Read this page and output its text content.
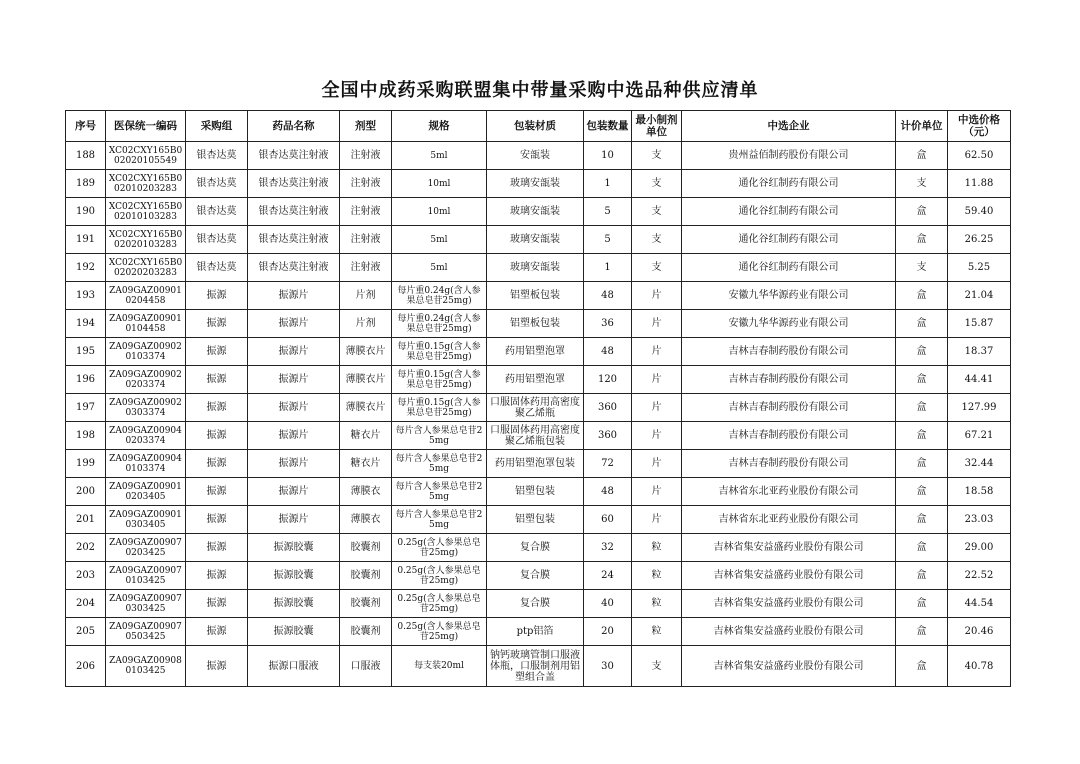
全国中成药采购联盟集中带量采购中选品种供应清单
序号	医保统一编码	采购组	药品名称	剂型	规格	包装材质	包装数量	最小制剂单位	中选企业	计价单位	中选价格（元）
188	XC02CXY165B002020105549	银杏达莫	银杏达莫注射液	注射液	5ml	安瓿装	10	支	贵州益佰制药股份有限公司	盒	62.50
189	XC02CXY165B002010203283	银杏达莫	银杏达莫注射液	注射液	10ml	玻璃安瓿装	1	支	通化谷红制药有限公司	支	11.88
190	XC02CXY165B002010103283	银杏达莫	银杏达莫注射液	注射液	10ml	玻璃安瓿装	5	支	通化谷红制药有限公司	盒	59.40
191	XC02CXY165B002020103283	银杏达莫	银杏达莫注射液	注射液	5ml	玻璃安瓿装	5	支	通化谷红制药有限公司	盒	26.25
192	XC02CXY165B002020203283	银杏达莫	银杏达莫注射液	注射液	5ml	玻璃安瓿装	1	支	通化谷红制药有限公司	支	5.25
193	ZA09GAZ009010204458	振源	振源片	片剂	每片重0.24g(含人参果总皂苷25mg)	铝塑板包装	48	片	安徽九华华源药业有限公司	盒	21.04
194	ZA09GAZ009010104458	振源	振源片	片剂	每片重0.24g(含人参果总皂苷25mg)	铝塑板包装	36	片	安徽九华华源药业有限公司	盒	15.87
195	ZA09GAZ009020103374	振源	振源片	薄膜衣片	每片重0.15g(含人参果总皂苷25mg)	药用铝塑泡罩	48	片	吉林吉春制药股份有限公司	盒	18.37
196	ZA09GAZ009020203374	振源	振源片	薄膜衣片	每片重0.15g(含人参果总皂苷25mg)	药用铝塑泡罩	120	片	吉林吉春制药股份有限公司	盒	44.41
197	ZA09GAZ009020303374	振源	振源片	薄膜衣片	每片重0.15g(含人参果总皂苷25mg)	口服固体药用高密度聚乙烯瓶	360	片	吉林吉春制药股份有限公司	盒	127.99
198	ZA09GAZ009040203374	振源	振源片	糖衣片	每片含人参果总皂苷25mg	口服固体药用高密度聚乙烯瓶包装	360	片	吉林吉春制药股份有限公司	盒	67.21
199	ZA09GAZ009040103374	振源	振源片	糖衣片	每片含人参果总皂苷25mg	药用铝塑泡罩包装	72	片	吉林吉春制药股份有限公司	盒	32.44
200	ZA09GAZ009010203405	振源	振源片	薄膜衣	每片含人参果总皂苷25mg	铝塑包装	48	片	吉林省东北亚药业股份有限公司	盒	18.58
201	ZA09GAZ009010303405	振源	振源片	薄膜衣	每片含人参果总皂苷25mg	铝塑包装	60	片	吉林省东北亚药业股份有限公司	盒	23.03
202	ZA09GAZ009070203425	振源	振源胶囊	胶囊剂	0.25g(含人参果总皂苷25mg)	复合膜	32	粒	吉林省集安益盛药业股份有限公司	盒	29.00
203	ZA09GAZ009070103425	振源	振源胶囊	胶囊剂	0.25g(含人参果总皂苷25mg)	复合膜	24	粒	吉林省集安益盛药业股份有限公司	盒	22.52
204	ZA09GAZ009070303425	振源	振源胶囊	胶囊剂	0.25g(含人参果总皂苷25mg)	复合膜	40	粒	吉林省集安益盛药业股份有限公司	盒	44.54
205	ZA09GAZ009070503425	振源	振源胶囊	胶囊剂	0.25g(含人参果总皂苷25mg)	ptp铝箔	20	粒	吉林省集安益盛药业股份有限公司	盒	20.46
206	ZA09GAZ009080103425	振源	振源口服液	口服液	每支装20ml	钠钙玻璃管制口服液体瓶，口服制剂用铝塑组合盖	30	支	吉林省集安益盛药业股份有限公司	盒	40.78
